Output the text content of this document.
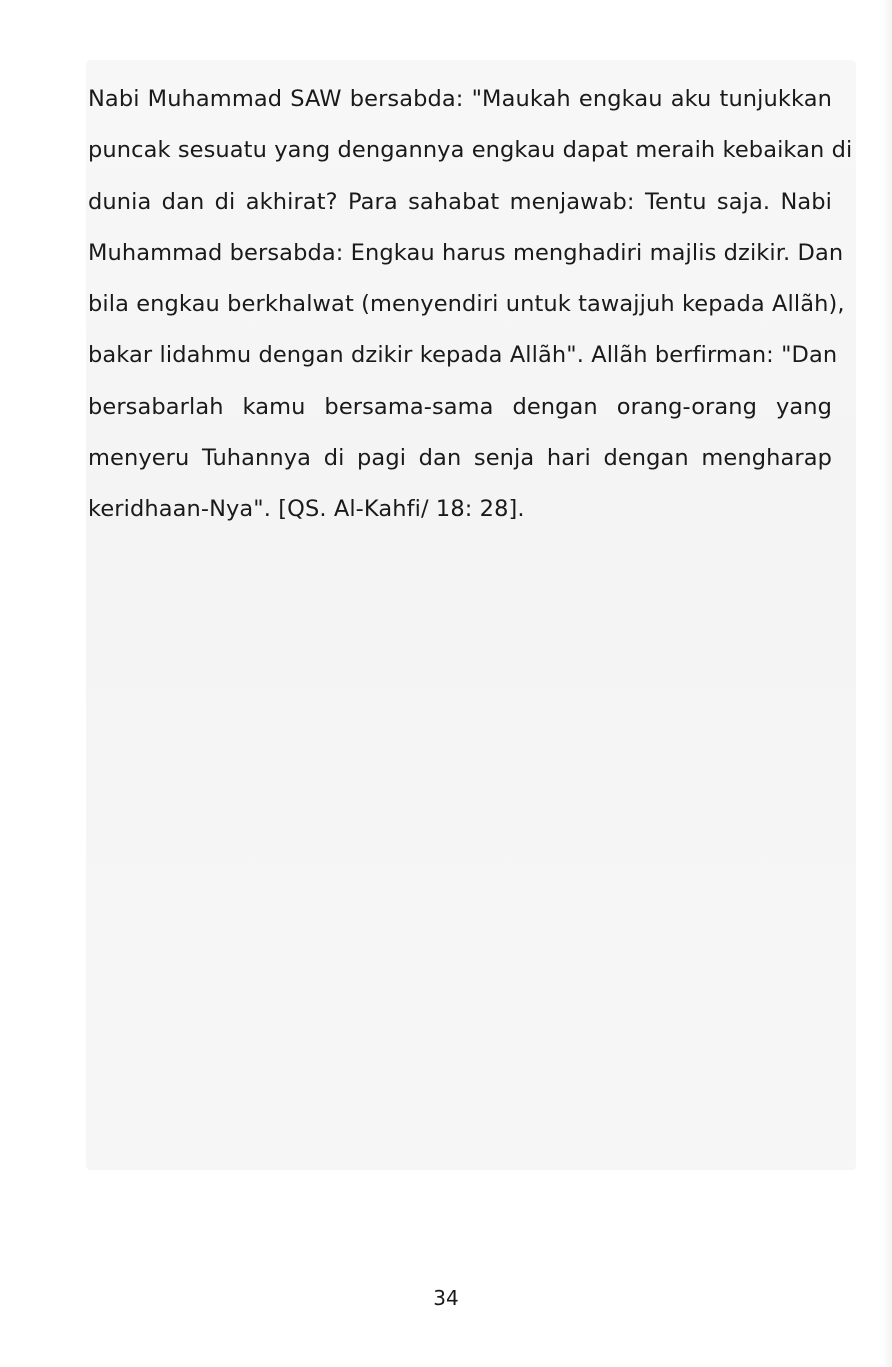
Nabi Muhammad SAW bersabda: "Maukah engkau aku tunjukkan
puncak sesuatu yang dengannya engkau dapat meraih kebaikan di
dunia dan di akhirat? Para sahabat menjawab: Tentu saja. Nabi
Muhammad bersabda: Engkau harus menghadiri majlis dzikir. Dan
bila engkau berkhalwat (menyendiri untuk tawajjuh kepada Allãh),
bakar lidahmu dengan dzikir kepada Allãh". Allãh berfirman: "Dan
bersabarlah kamu bersama-sama dengan orang-orang yang
menyeru Tuhannya di pagi dan senja hari dengan mengharap
keridhaan-Nya". [QS. Al-Kahfi/ 18: 28].

34
